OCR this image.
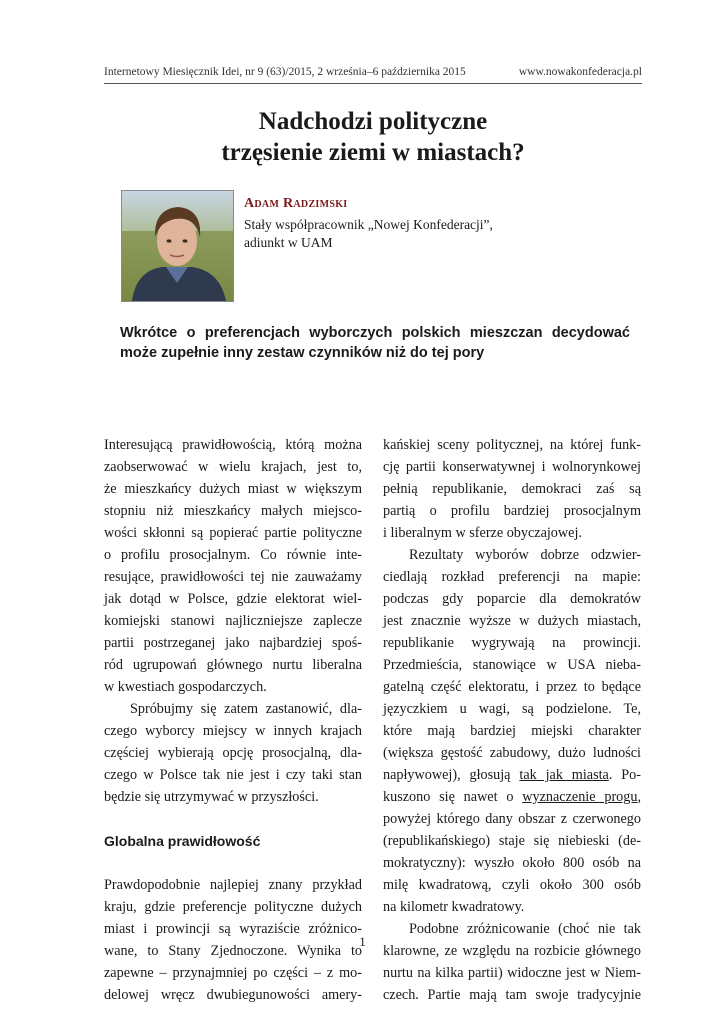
Internetowy Miesięcznik Idei, nr 9 (63)/2015, 2 września–6 października 2015	www.nowakonfederacja.pl
Nadchodzi polityczne
trzęsienie ziemi w miastach?
Adam Radzimski
Stały współpracownik „Nowej Konfederacji”,
adiunkt w UAM
Wkrótce o preferencjach wyborczych polskich mieszczan decydować może zupełnie inny zestaw czynników niż do tej pory
Interesującą prawidłowością, którą można
zaobserwować w wielu krajach, jest to,
że mieszkańcy dużych miast w większym
stopniu niż mieszkańcy małych miejsco-
wości skłonni są popierać partie polityczne
o profilu prosocjalnym. Co równie inte-
resujące, prawidłowości tej nie zauważamy
jak dotąd w Polsce, gdzie elektorat wiel-
komiejski stanowi najliczniejsze zaplecze
partii postrzeganej jako najbardziej spoś-
ród ugrupowań głównego nurtu liberalna
w kwestiach gospodarczych.
Spróbujmy się zatem zastanowić, dla-
czego wyborcy miejscy w innych krajach
częściej wybierają opcję prosocjalną, dla-
czego w Polsce tak nie jest i czy taki stan
będzie się utrzymywać w przyszłości.
Globalna prawidłowość
Prawdopodobnie najlepiej znany przykład
kraju, gdzie preferencje polityczne dużych
miast i prowincji są wyraziście zróżnico-
wane, to Stany Zjednoczone. Wynika to
zapewne – przynajmniej po części – z mo-
delowej wręcz dwubiegunowości amery-
kańskiej sceny politycznej, na której funk-
cję partii konserwatywnej i wolnorynkowej
pełnią republikanie, demokraci zaś są
partią o profilu bardziej prosocjalnym
i liberalnym w sferze obyczajowej.
Rezultaty wyborów dobrze odzwier-
ciedlają rozkład preferencji na mapie:
podczas gdy poparcie dla demokratów
jest znacznie wyższe w dużych miastach,
republikanie wygrywają na prowincji.
Przedmieścia, stanowiące w USA nieba-
gatelną część elektoratu, i przez to będące
języczkiem u wagi, są podzielone. Te,
które mają bardziej miejski charakter
(większa gęstość zabudowy, dużo ludności
napływowej), głosują tak jak miasta. Po-
kuszono się nawet o wyznaczenie progu,
powyżej którego dany obszar z czerwonego
(republikańskiego) staje się niebieski (de-
mokratyczny): wyszło około 800 osób na
milę kwadratową, czyli około 300 osób
na kilometr kwadratowy.
Podobne zróżnicowanie (choć nie tak
klarowne, ze względu na rozbicie głównego
nurtu na kilka partii) widoczne jest w Niem-
czech. Partie mają tam swoje tradycyjnie
1
